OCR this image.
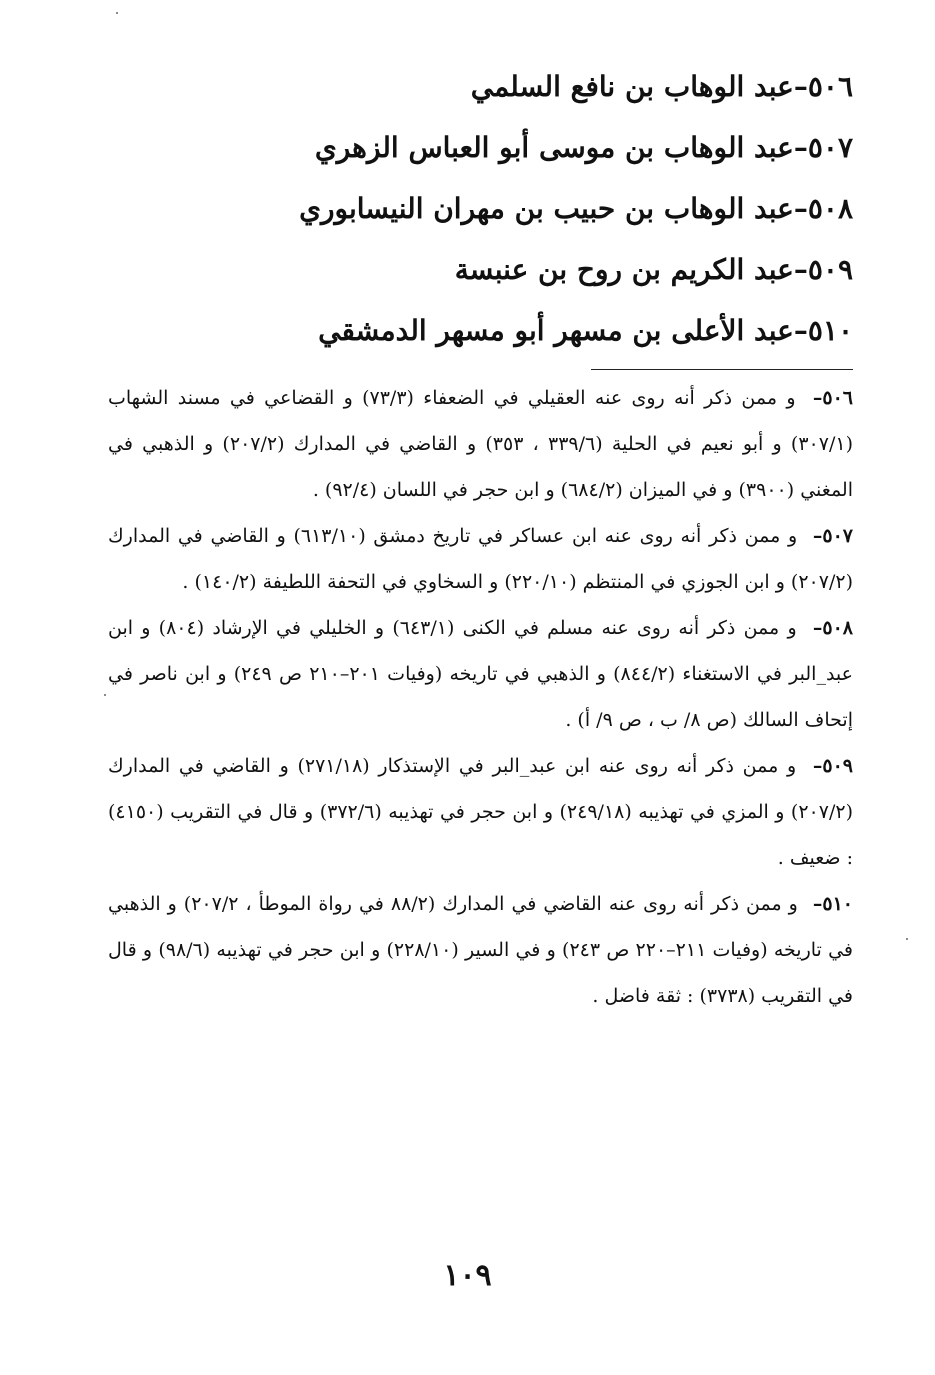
٥٠٦–عبد الوهاب بن نافع السلمي
٥٠٧–عبد الوهاب بن موسى أبو العباس الزهري
٥٠٨–عبد الوهاب بن حبيب بن مهران النيسابوري
٥٠٩–عبد الكريم بن روح بن عنبسة
٥١٠–عبد الأعلى بن مسهر أبو مسهر الدمشقي
٥٠٦– و ممن ذكر أنه روى عنه العقيلي في الضعفاء (٧٣/٣) و القضاعي في مسند الشهاب (٣٠٧/١) و أبو نعيم في الحلية (٣٣٩/٦ ، ٣٥٣) و القاضي في المدارك (٢٠٧/٢) و الذهبي في المغني (٣٩٠٠) و في الميزان (٦٨٤/٢) و ابن حجر في اللسان (٩٢/٤) .
٥٠٧– و ممن ذكر أنه روى عنه ابن عساكر في تاريخ دمشق (٦١٣/١٠) و القاضي في المدارك (٢٠٧/٢) و ابن الجوزي في المنتظم (٢٢٠/١٠) و السخاوي في التحفة اللطيفة (١٤٠/٢) .
٥٠٨– و ممن ذكر أنه روى عنه مسلم في الكنى (٦٤٣/١) و الخليلي في الإرشاد (٨٠٤) و ابن عبد_البر في الاستغناء (٨٤٤/٢) و الذهبي في تاريخه (وفيات ٢٠١–٢١٠ ص ٢٤٩) و ابن ناصر في إتحاف السالك (ص ٨/ ب ، ص ٩/ أ) .
٥٠٩– و ممن ذكر أنه روى عنه ابن عبد_البر في الإستذكار (٢٧١/١٨) و القاضي في المدارك (٢٠٧/٢) و المزي في تهذيبه (٢٤٩/١٨) و ابن حجر في تهذيبه (٣٧٢/٦) و قال في التقريب (٤١٥٠) : ضعيف .
٥١٠– و ممن ذكر أنه روى عنه القاضي في المدارك (٨٨/٢ في رواة الموطأ ، ٢٠٧/٢) و الذهبي في تاريخه (وفيات ٢١١–٢٢٠ ص ٢٤٣) و في السير (٢٢٨/١٠) و ابن حجر في تهذيبه (٩٨/٦) و قال في التقريب (٣٧٣٨) : ثقة فاضل .
١٠٩
